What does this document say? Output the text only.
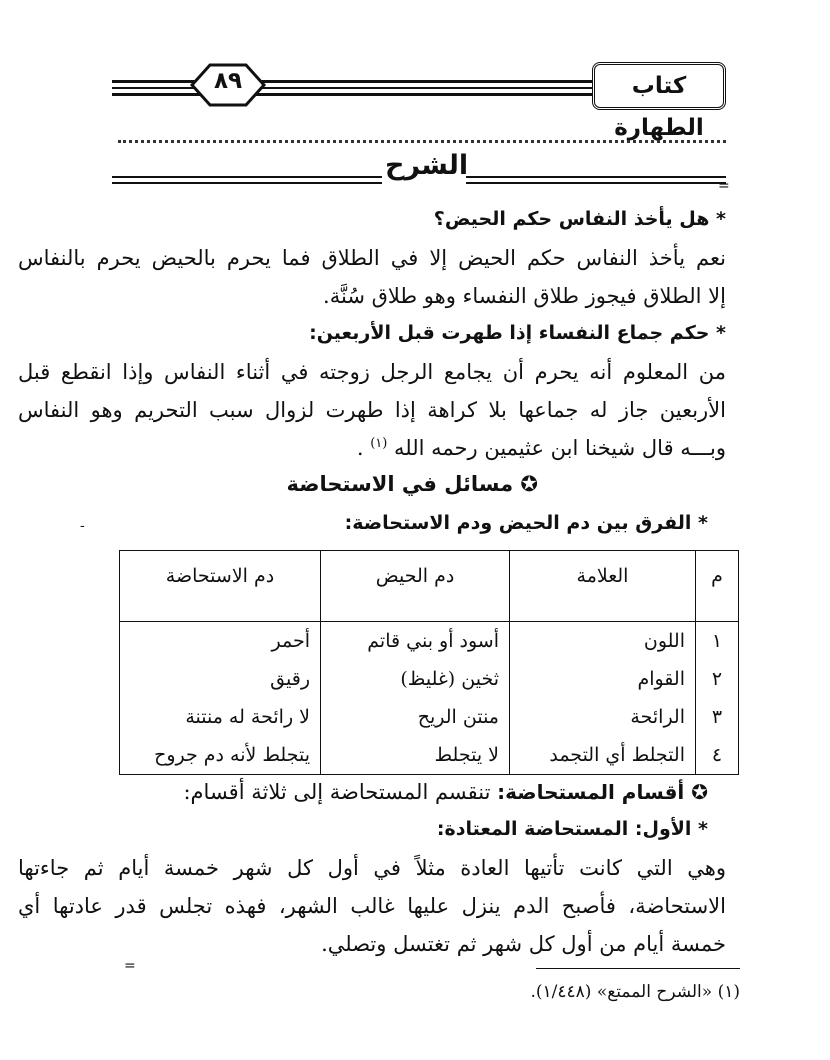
٨٩	كتاب الطهارة
الشرح
=
-
* هل يأخذ النفاس حكم الحيض؟
نعم يأخذ النفاس حكم الحيض إلا في الطلاق فما يحرم بالحيض يحرم بالنفاس
إلا الطلاق فيجوز طلاق النفساء وهو طلاق سُنَّة.
* حكم جماع النفساء إذا طهرت قبل الأربعين:
من المعلوم أنه يحرم أن يجامع الرجل زوجته في أثناء النفاس وإذا انقطع قبل
الأربعين جاز له جماعها بلا كراهة إذا طهرت لزوال سبب التحريم وهو النفاس
وبـــه قال شيخنا ابن عثيمين رحمه الله $^{(١)}$ .
✪ مسائل في الاستحاضة
* الفرق بين دم الحيض ودم الاستحاضة:
م	العلامة	دم الحيض	دم الاستحاضة
١	اللون	أسود أو بني قاتم	أحمر
٢	القوام	ثخين (غليظ)	رقيق
٣	الرائحة	منتن الريح	لا رائحة له منتنة
٤	التجلط أي التجمد	لا يتجلط	يتجلط لأنه دم جروح
✪ أقسام المستحاضة: تنقسم المستحاضة إلى ثلاثة أقسام:
* الأول: المستحاضة المعتادة:
وهي التي كانت تأتيها العادة مثلاً في أول كل شهر خمسة أيام ثم جاءتها
الاستحاضة، فأصبح الدم ينزل عليها غالب الشهر، فهذه تجلس قدر عادتها أي
خمسة أيام من أول كل شهر ثم تغتسل وتصلي.
=
(١) «الشرح الممتع» (١/٤٤٨).
